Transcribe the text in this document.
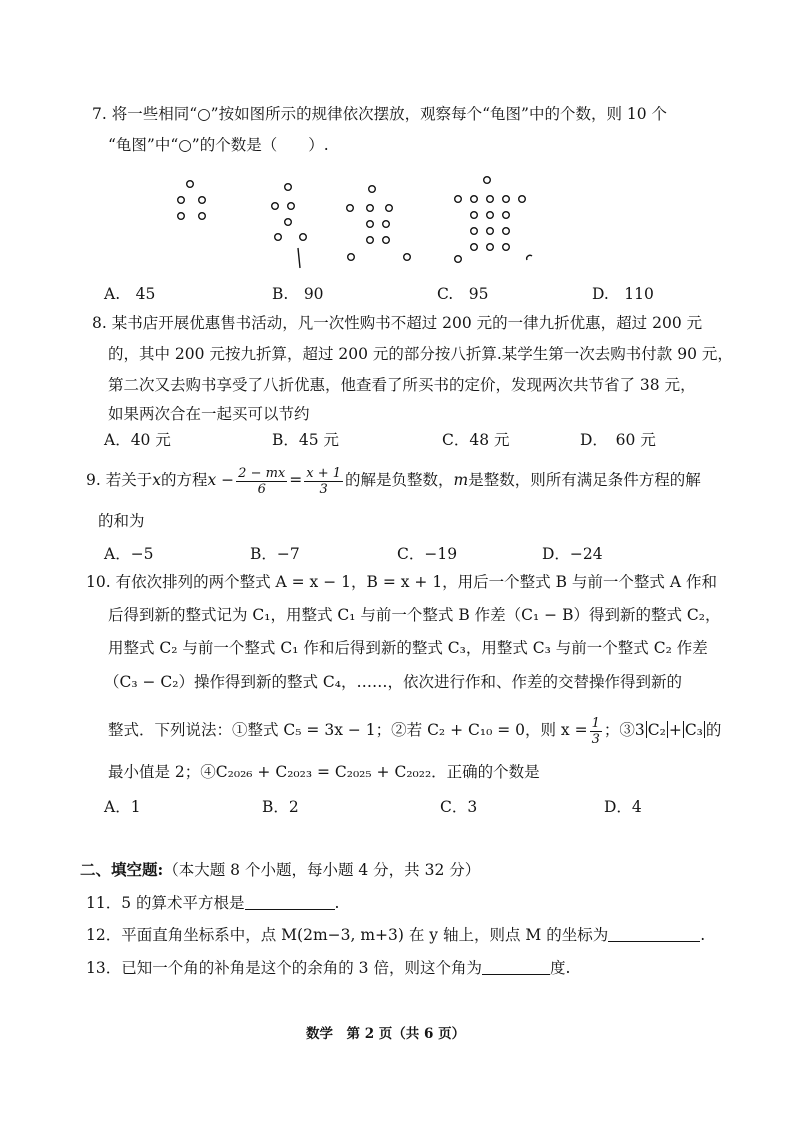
7. 将一些相同“○”按如图所示的规律依次摆放，观察每个“龟图”中的个数，则 10 个
“龟图”中“○”的个数是（　　）.
A.　45	B.　90	C.　95	D.　110
8. 某书店开展优惠售书活动，凡一次性购书不超过 200 元的一律九折优惠，超过 200 元
的，其中 200 元按九折算，超过 200 元的部分按八折算.某学生第一次去购书付款 90 元，
第二次又去购书享受了八折优惠，他查看了所买书的定价，发现两次共节省了 38 元，
如果两次合在一起买可以节约
A．40 元	B．45 元	C．48 元	D．　60 元
9. 若关于x的方程$x - \frac{2 - mx}{6} = \frac{x + 1}{3}$ 的解是负整数，m是整数，则所有满足条件方程的解
的和为
A．−5	B．−7	C．−19	D．−24
10. 有依次排列的两个整式 A = x − 1，B = x + 1，用后一个整式 B 与前一个整式 A 作和
后得到新的整式记为 C₁，用整式 C₁ 与前一个整式 B 作差（C₁ − B）得到新的整式 C₂，
用整式 C₂ 与前一个整式 C₁ 作和后得到新的整式 C₃，用整式 C₃ 与前一个整式 C₂ 作差
（C₃ − C₂）操作得到新的整式 C₄，……，依次进行作和、作差的交替操作得到新的
整式．下列说法：①整式 C₅ = 3x − 1；②若 C₂ + C₁₀ = 0，则 $x = \frac{1}{3}$ ；③3 C₂ + C₃ 的
最小值是 2；④C₂₀₂₆ + C₂₀₂₃ = C₂₀₂₅ + C₂₀₂₂．正确的个数是
A．1	B．2	C．3	D．4
二、填空题:（本大题 8 个小题，每小题 4 分，共 32 分）
11．5 的算术平方根是	.
12．平面直角坐标系中，点 M(2m−3, m+3) 在 y 轴上，则点 M 的坐标为	.
13．已知一个角的补角是这个的余角的 3 倍，则这个角为	度.
数学　第 2 页（共 6 页）
